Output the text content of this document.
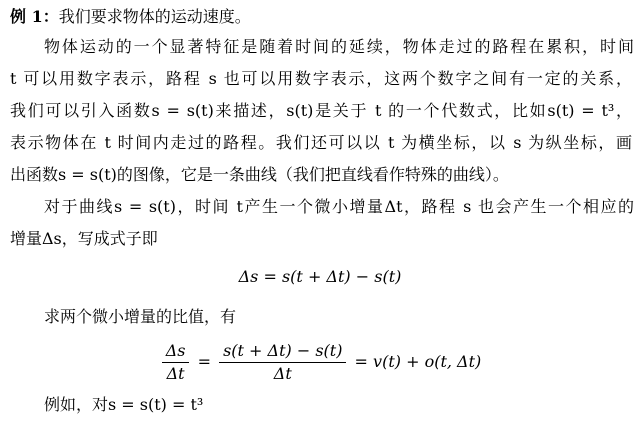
例 1：我们要求物体的运动速度。
物体运动的一个显著特征是随着时间的延续，物体走过的路程在累积，时间
t 可以用数字表示，路程 s 也可以用数字表示，这两个数字之间有一定的关系，
我们可以引入函数s = s(t)来描述，s(t)是关于 t 的一个代数式，比如s(t) = t³，
表示物体在 t 时间内走过的路程。我们还可以以 t 为横坐标，以 s 为纵坐标，画
出函数s = s(t)的图像，它是一条曲线（我们把直线看作特殊的曲线）。
对于曲线s = s(t)，时间 t产生一个微小增量Δt，路程 s 也会产生一个相应的
增量Δs，写成式子即
Δs = s(t + Δt) − s(t)
求两个微小增量的比值，有
$\frac{\Delta s}{\Delta t} = \frac{s(t + \Delta t) - s(t)}{\Delta t} = v(t) + o(t$, Δt)
例如，对s = s(t) = t³
